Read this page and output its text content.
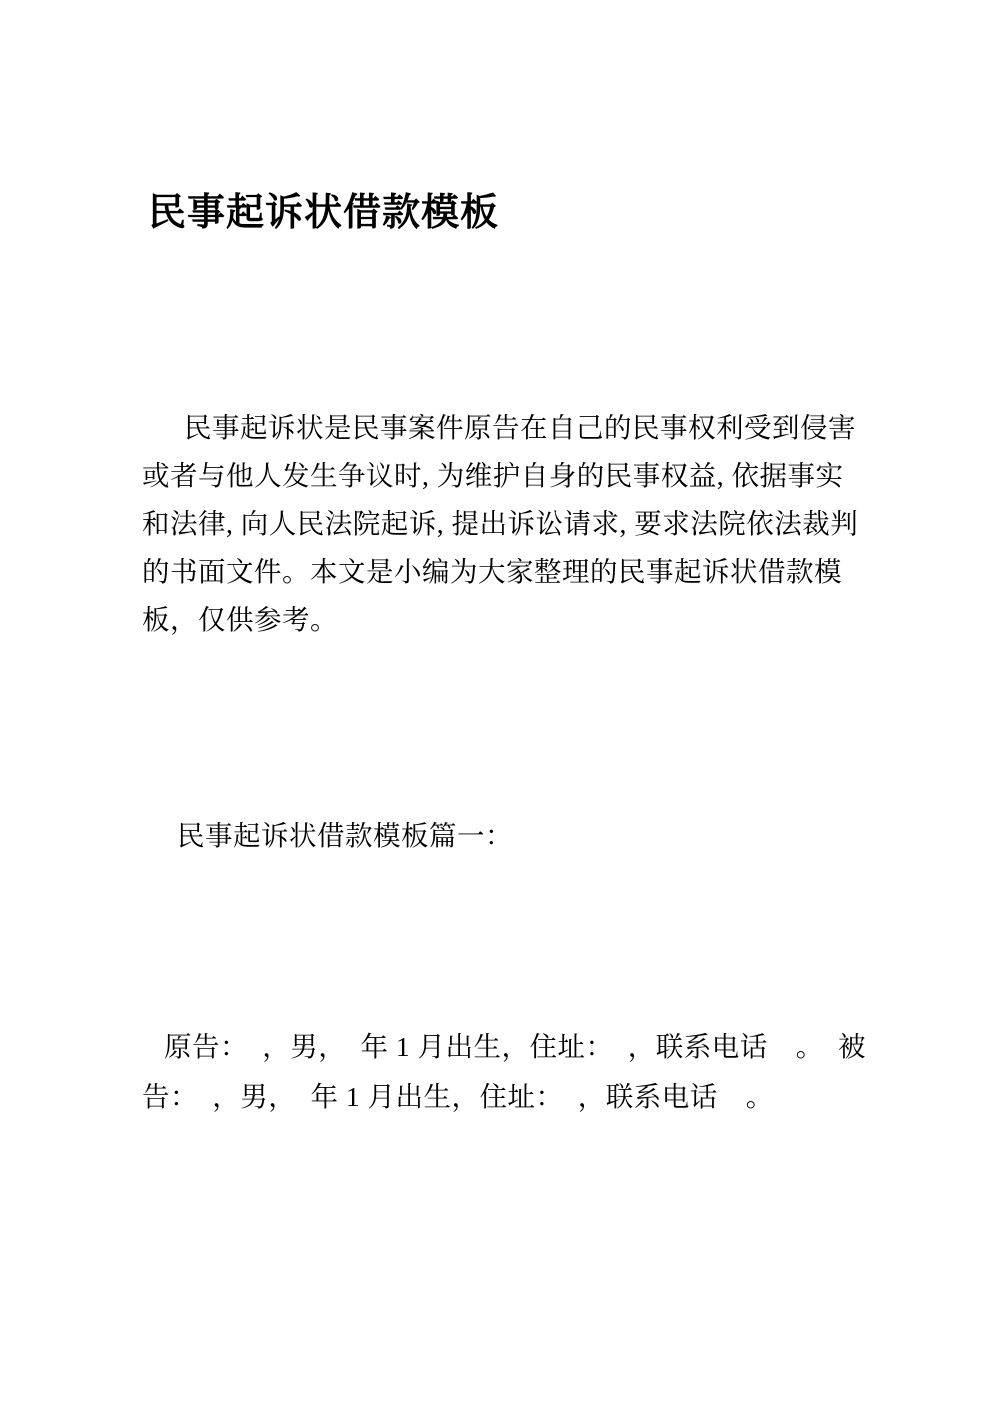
民事起诉状借款模板
民事起诉状是民事案件原告在自己的民事权利受到侵害
或者与他人发生争议时, 为维护自身的民事权益, 依据事实
和法律, 向人民法院起诉, 提出诉讼请求, 要求法院依法裁判
的书面文件。本文是小编为大家整理的民事起诉状借款模
板，仅供参考。
民事起诉状借款模板篇一：
原告：　，男，　年 1 月出生，住址：　，联系电话　。　被
告：　，男，　年 1 月出生，住址：　，联系电话　。
